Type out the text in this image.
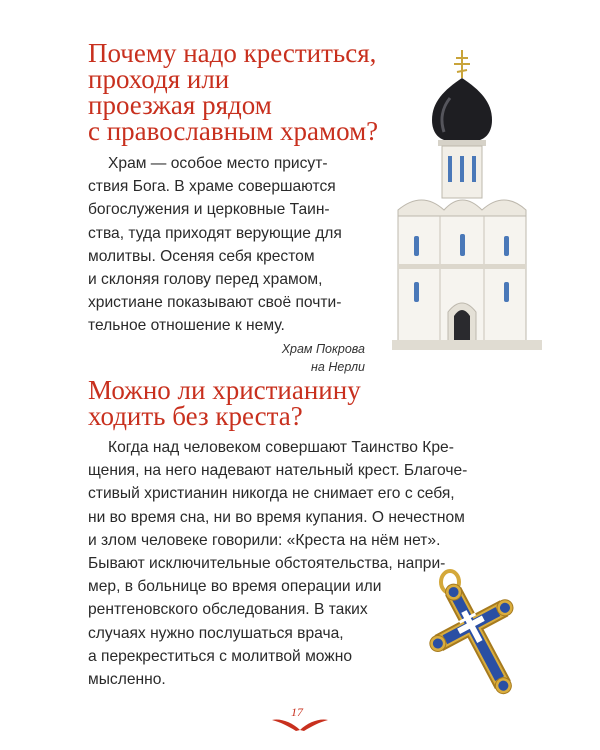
Почему надо креститься,

проходя или

проезжая рядом

с православным храмом?

Храм — особое место присут-

ствия Бога. В храме совершаются

богослужения и церковные Таин-

ства, туда приходят верующие для

молитвы. Осеняя себя крестом

и склоняя голову перед храмом,

христиане показывают своё почти-

тельное отношение к нему.

Храм Покрова
на Нерли

Можно ли христианину

ходить без креста?

Когда над человеком совершают Таинство Кре-

щения, на него надевают нательный крест. Благоче-

стивый христианин никогда не снимает его с себя,

ни во время сна, ни во время купания. О нечестном

и злом человеке говорили: «Креста на нём нет».

Бывают исключительные обстоятельства, напри-

мер, в больнице во время операции или

рентгеновского обследования. В таких

случаях нужно послушаться врача,

а перекреститься с молитвой можно

мысленно.

17
